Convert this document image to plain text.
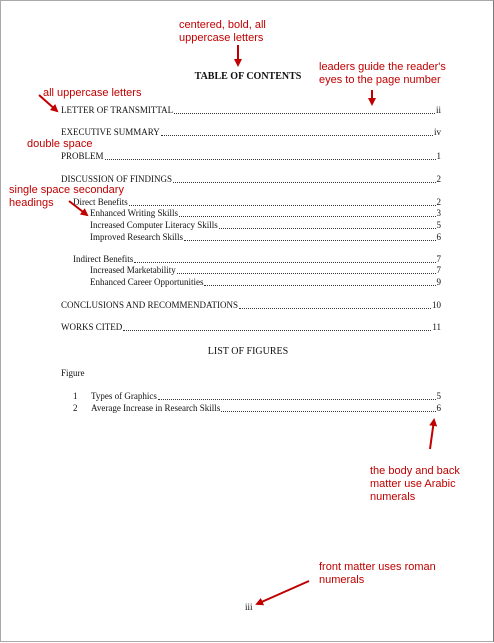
TABLE OF CONTENTS
LETTER OF TRANSMITTAL	ii
EXECUTIVE SUMMARY	iv
PROBLEM	1
DISCUSSION OF FINDINGS	2
Direct Benefits	2
Enhanced Writing Skills	3
Increased Computer Literacy Skills	5
Improved Research Skills	6
Indirect Benefits	7
Increased Marketability	7
Enhanced Career Opportunities	9
CONCLUSIONS AND RECOMMENDATIONS	10
WORKS CITED	11
LIST OF FIGURES
Figure
1 Types of Graphics	5
2 Average Increase in Research Skills	6
iii
centered, bold, all uppercase letters
leaders guide the reader's eyes to the page number
all uppercase letters
double space
single space secondary headings
the body and back matter use Arabic numerals
front matter uses roman numerals
